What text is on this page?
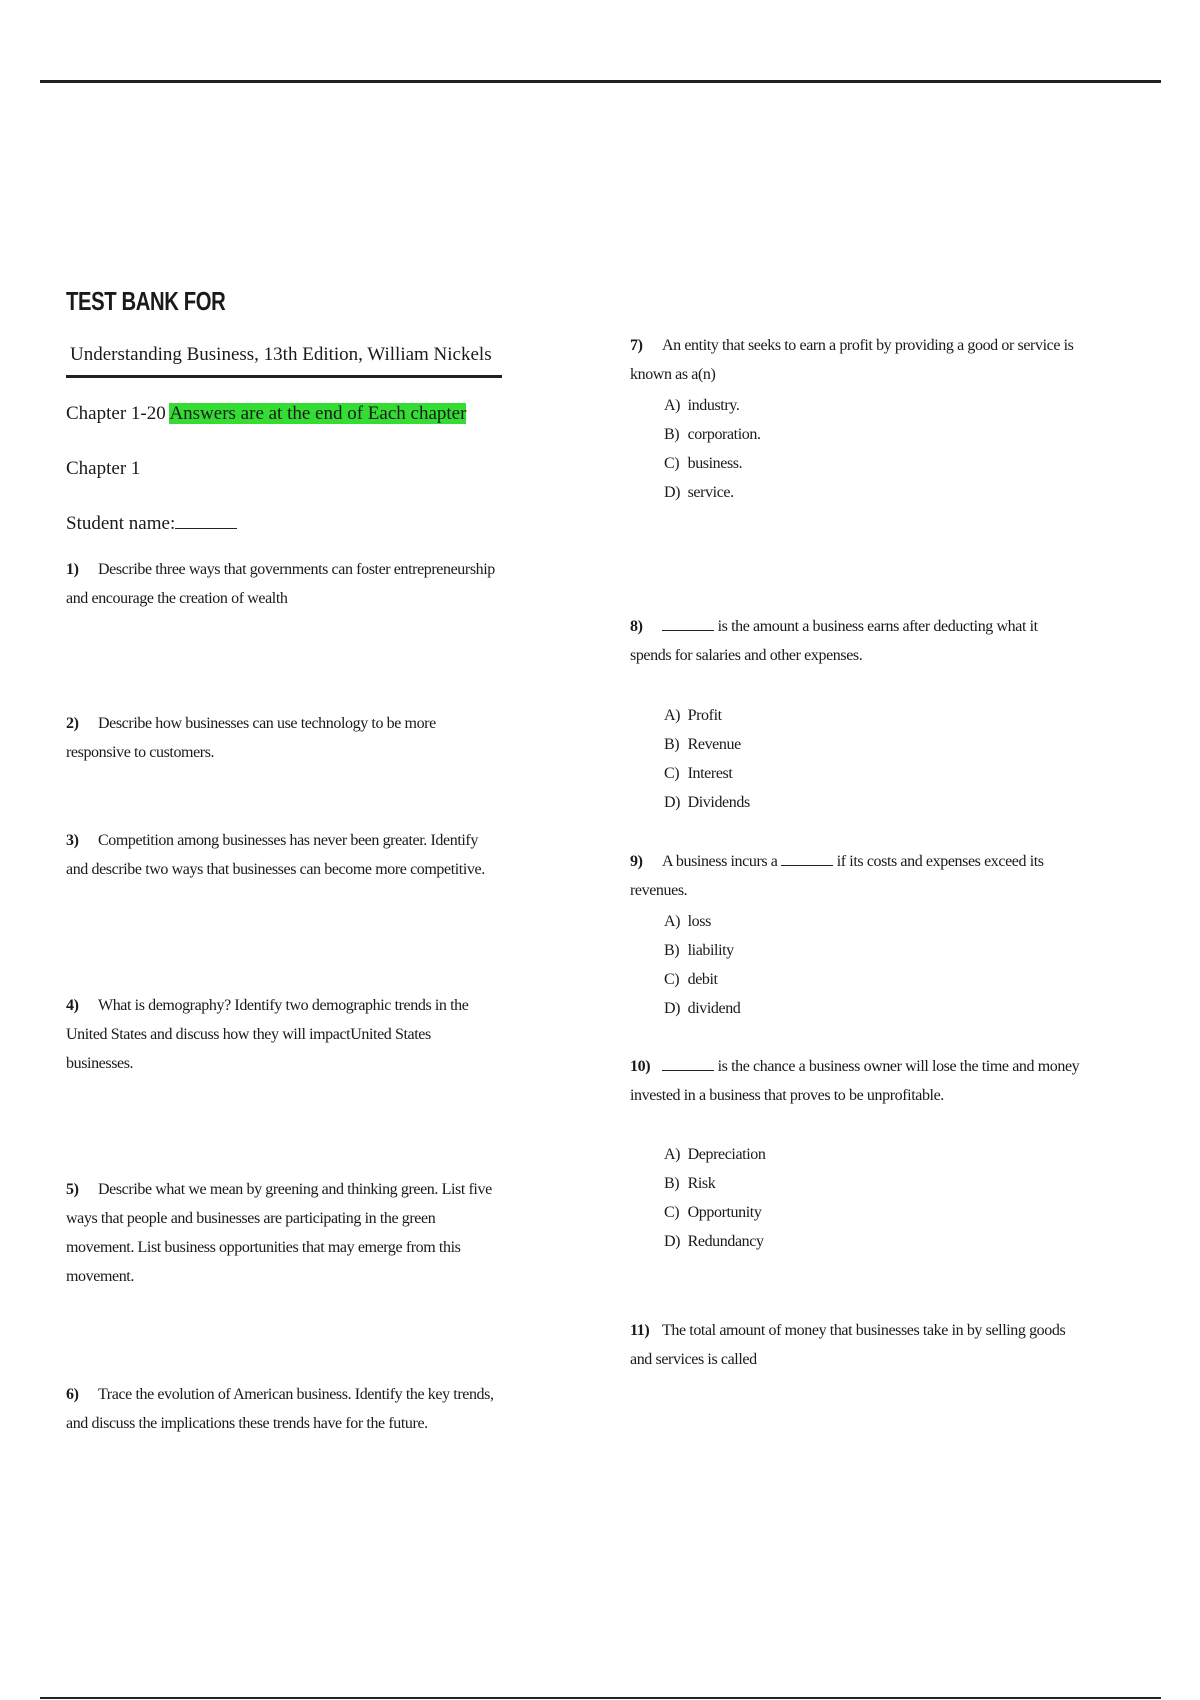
TEST BANK FOR
Understanding Business, 13th Edition, William Nickels
Chapter 1-20 Answers are at the end of Each chapter
Chapter 1
Student name:
1) Describe three ways that governments can foster entrepreneurship and encourage the creation of wealth
2) Describe how businesses can use technology to be more responsive to customers.
3) Competition among businesses has never been greater. Identify and describe two ways that businesses can become more competitive.
4) What is demography? Identify two demographic trends in the United States and discuss how they will impactUnited States businesses.
5) Describe what we mean by greening and thinking green. List five ways that people and businesses are participating in the green movement. List business opportunities that may emerge from this movement.
6) Trace the evolution of American business. Identify the key trends, and discuss the implications these trends have for the future.
7) An entity that seeks to earn a profit by providing a good or service is known as a(n)
A) industry.
B) corporation.
C) business.
D) service.
8)	is the amount a business earns after deducting what it spends for salaries and other expenses.
A) Profit
B) Revenue
C) Interest
D) Dividends
9) A business incurs a	if its costs and expenses exceed its revenues.
A) loss
B) liability
C) debit
D) dividend
10)	is the chance a business owner will lose the time and money invested in a business that proves to be unprofitable.
A) Depreciation
B) Risk
C) Opportunity
D) Redundancy
11) The total amount of money that businesses take in by selling goods and services is called
